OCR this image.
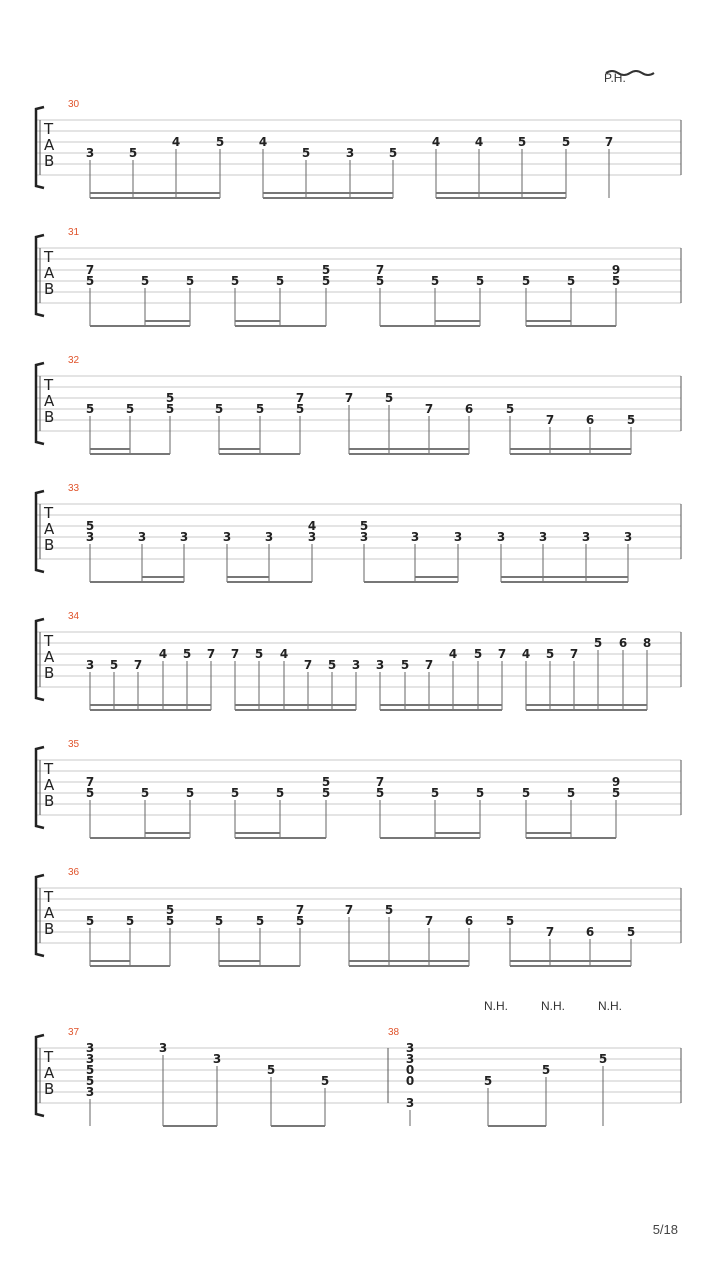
P.H.
T
A
B
30
3	5
4	5	4
5	3	5
4	4	5	5	7
T
A
B
31
7
5	5	5	5	5
5
5
7
5	5	5	5	5
9
5
T
A
B
32
5	5
5
5	5	5
7
5
7	5
7	6	5
7	6	5
T
A
B
33
5
3	3	3	3	3
4
3
5
3	3	3	3	3	3	3
T
A
B
34
3 5 7
4 5 7 7 5 4
7 5 3 3 5 7
4 5 7 4 5 7
5 6 8
T
A
B
35
7
5	5	5	5	5
5
5
7
5	5	5	5	5
9
5
T
A
B
36
5	5
5
5	5	5
7
5
7	5
7	6	5
7	6	5
T
A
B
N.H.	N.H.	N.H.
37
3
3
5
5
3
3
3
5
5
38
3
3
0
0
3
5
5
5
5/18
